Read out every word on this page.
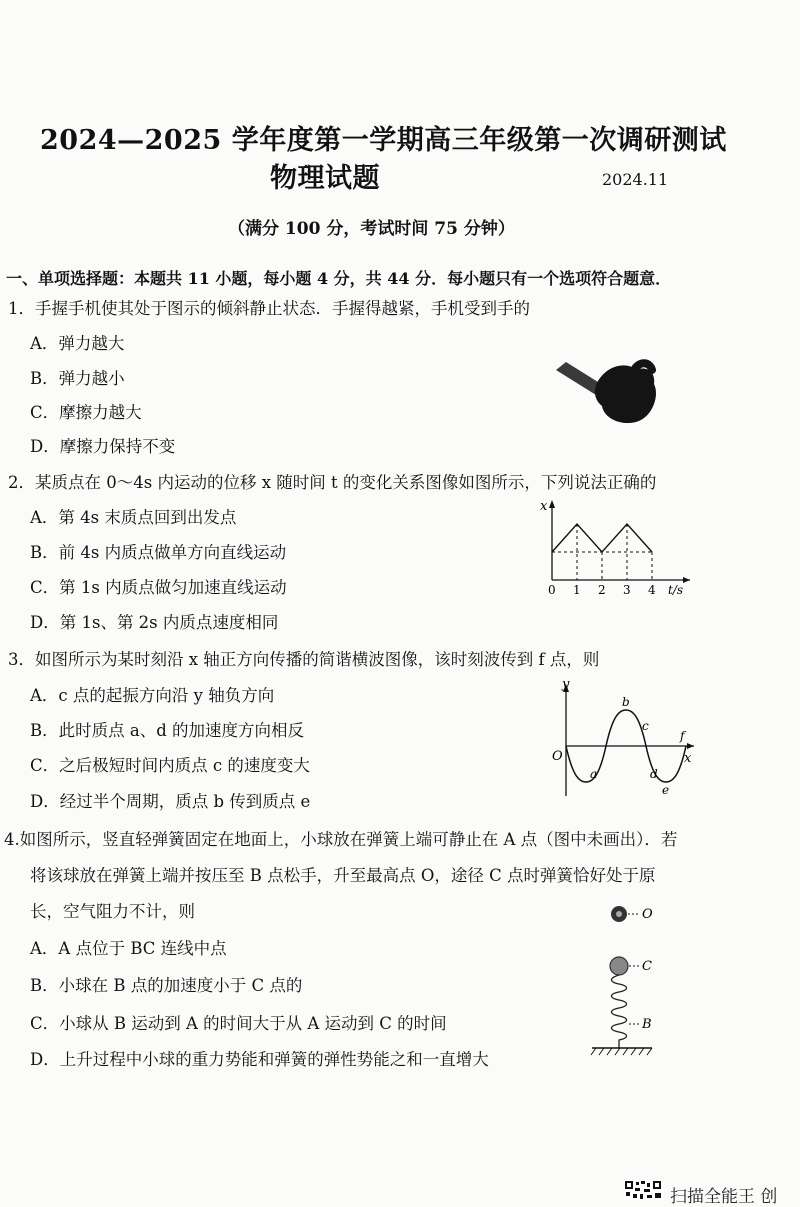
2024—2025 学年度第一学期高三年级第一次调研测试
物理试题	2024.11
（满分 100 分，考试时间 75 分钟）
一、单项选择题：本题共 11 小题，每小题 4 分，共 44 分．每小题只有一个选项符合题意．
1．手握手机使其处于图示的倾斜静止状态．手握得越紧，手机受到手的
A．弹力越大
B．弹力越小
C．摩擦力越大
D．摩擦力保持不变
2．某质点在 0～4s 内运动的位移 x 随时间 t 的变化关系图像如图所示，下列说法正确的
A．第 4s 末质点回到出发点
B．前 4s 内质点做单方向直线运动
C．第 1s 内质点做匀加速直线运动
D．第 1s、第 2s 内质点速度相同
x
t/s
0 1 2 3 4
3．如图所示为某时刻沿 x 轴正方向传播的简谐横波图像，该时刻波传到 f 点，则
A．c 点的起振方向沿 y 轴负方向
B．此时质点 a、d 的加速度方向相反
C．之后极短时间内质点 c 的速度变大
D．经过半个周期，质点 b 传到质点 e
y
x
O
a
b
c
d
e
f
4.如图所示，竖直轻弹簧固定在地面上，小球放在弹簧上端可静止在 A 点（图中未画出）．若
将该球放在弹簧上端并按压至 B 点松手，升至最高点 O，途径 C 点时弹簧恰好处于原
长，空气阻力不计，则
A．A 点位于 BC 连线中点
B．小球在 B 点的加速度小于 C 点的
C．小球从 B 运动到 A 的时间大于从 A 运动到 C 的时间
D．上升过程中小球的重力势能和弹簧的弹性势能之和一直增大
O
C
B
扫描全能王 创
